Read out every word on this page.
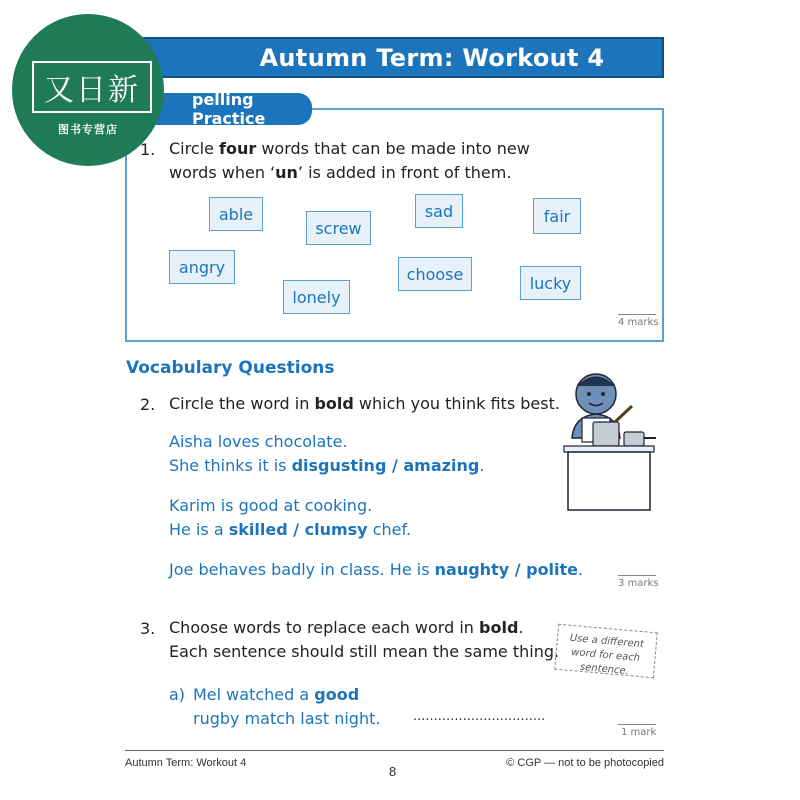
Autumn Term: Workout 4
又日新
图书专营店
pelling Practice
1. Circle four words that can be made into new
words when ‘un’ is added in front of them.
able
screw
sad	fair
angry
lonely
choose	lucky
4 marks
Vocabulary Questions
2. Circle the word in bold which you think fits best.
Aisha loves chocolate.
She thinks it is disgusting / amazing.
Karim is good at cooking.
He is a skilled / clumsy chef.
Joe behaves badly in class. He is naughty / polite.
3 marks
3. Choose words to replace each word in bold.
Each sentence should still mean the same thing.
Use a different word for each sentence.
a) Mel watched a good
rugby match last night.	................................
1 mark
Autumn Term: Workout 4	© CGP — not to be photocopied
8
